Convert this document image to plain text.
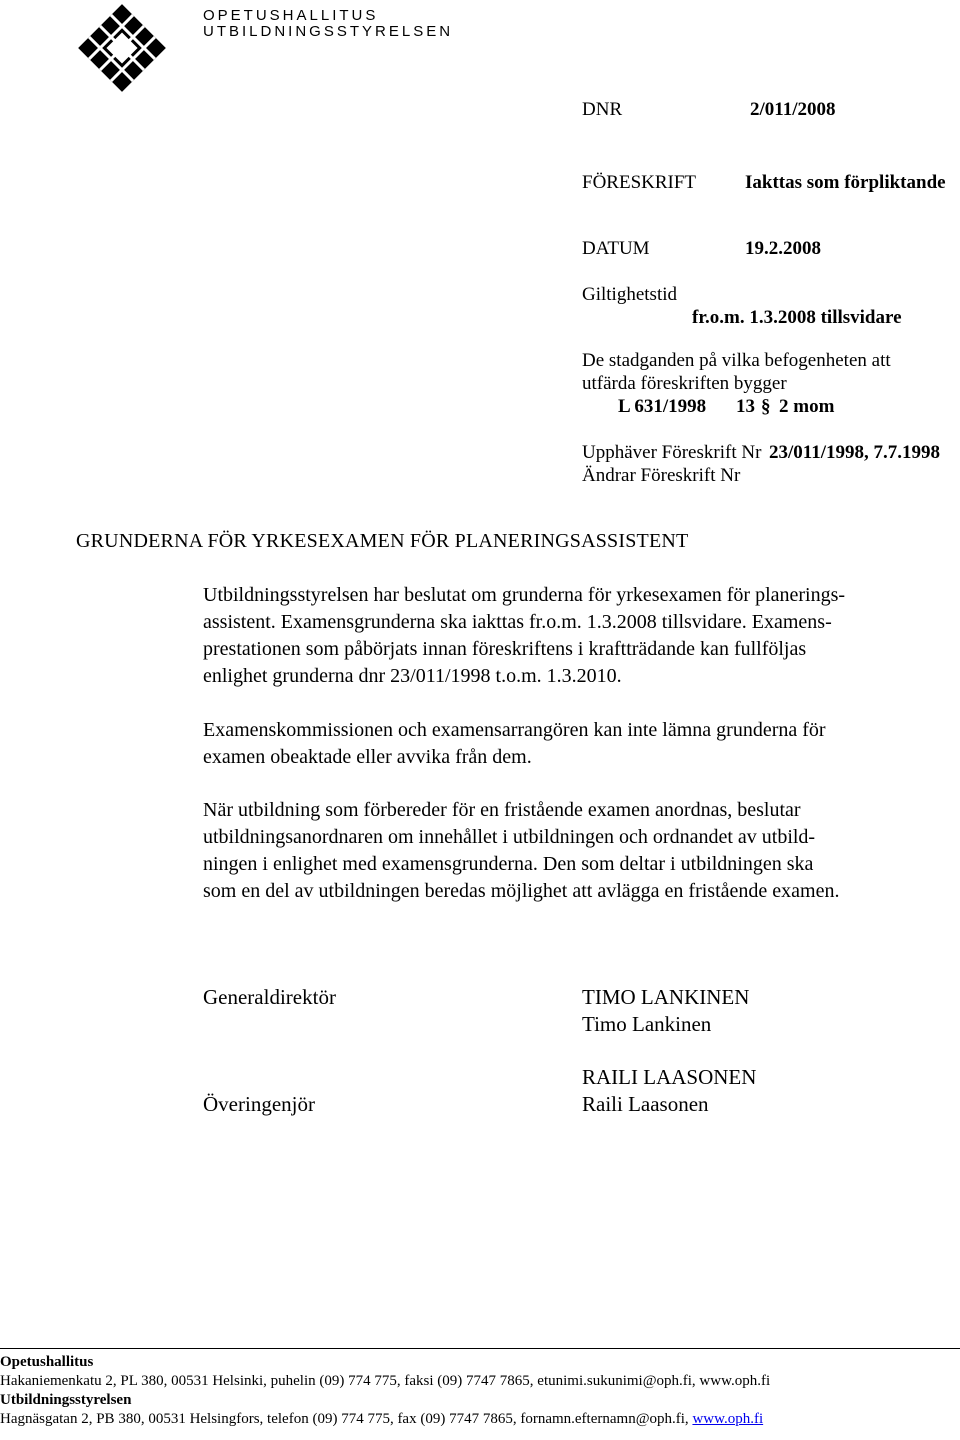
OPETUSHALLITUS
UTBILDNINGSSTYRELSEN
DNR	2/011/2008
FÖRESKRIFT	Iakttas som förpliktande
DATUM	19.2.2008
Giltighetstid
fr.o.m. 1.3.2008 tillsvidare
De stadganden på vilka befogenheten att
utfärda föreskriften bygger
L 631/1998 13 § 2 mom
Upphäver Föreskrift Nr 23/011/1998, 7.7.1998
Ändrar Föreskrift Nr
GRUNDERNA FÖR YRKESEXAMEN FÖR PLANERINGSASSISTENT
Utbildningsstyrelsen har beslutat om grunderna för yrkesexamen för planerings-
assistent. Examensgrunderna ska iakttas fr.o.m. 1.3.2008 tillsvidare. Examens-
prestationen som påbörjats innan föreskriftens i kraftträdande kan fullföljas
enlighet grunderna dnr 23/011/1998 t.o.m. 1.3.2010.
Examenskommissionen och examensarrangören kan inte lämna grunderna för
examen obeaktade eller avvika från dem.
När utbildning som förbereder för en fristående examen anordnas, beslutar
utbildningsanordnaren om innehållet i utbildningen och ordnandet av utbild-
ningen i enlighet med examensgrunderna. Den som deltar i utbildningen ska
som en del av utbildningen beredas möjlighet att avlägga en fristående examen.
Generaldirektör	TIMO LANKINEN
Timo Lankinen
RAILI LAASONEN
Överingenjör	Raili Laasonen
Opetushallitus
Hakaniemenkatu 2, PL 380, 00531 Helsinki, puhelin (09) 774 775, faksi (09) 7747 7865, etunimi.sukunimi@oph.fi, www.oph.fi
Utbildningsstyrelsen
Hagnäsgatan 2, PB 380, 00531 Helsingfors, telefon (09) 774 775, fax (09) 7747 7865, fornamn.efternamn@oph.fi, www.oph.fi
